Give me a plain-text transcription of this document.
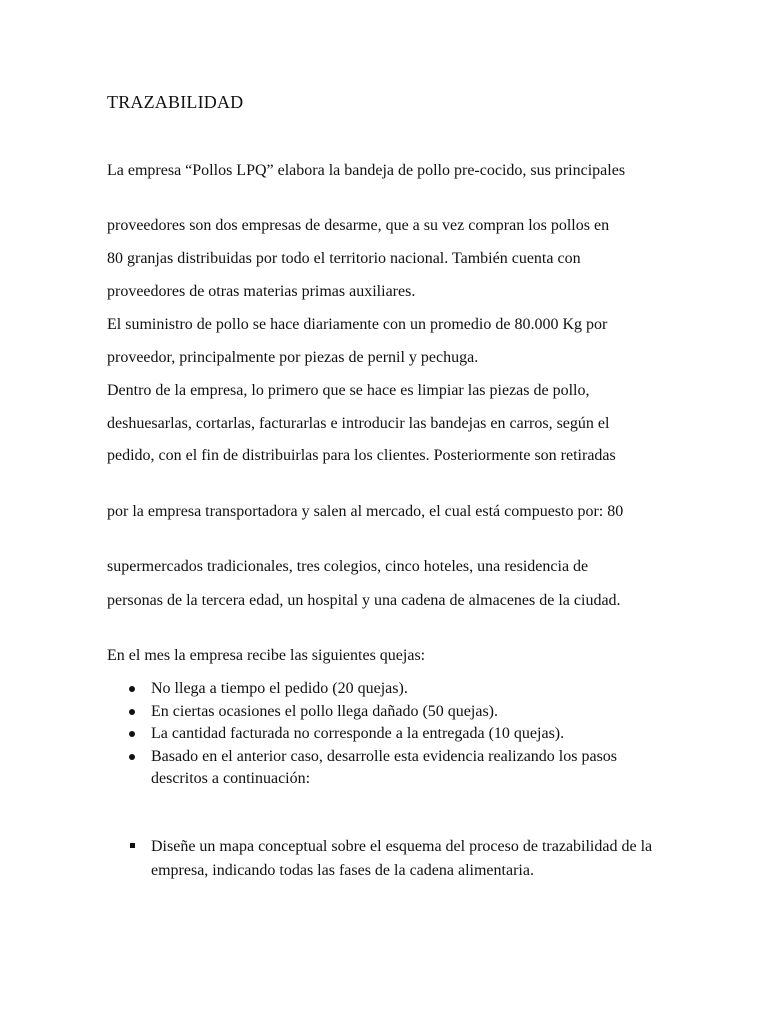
TRAZABILIDAD

La empresa “Pollos LPQ” elabora la bandeja de pollo pre-cocido, sus principales

proveedores son dos empresas de desarme, que a su vez compran los pollos en

80 granjas distribuidas por todo el territorio nacional. También cuenta con

proveedores de otras materias primas auxiliares.

El suministro de pollo se hace diariamente con un promedio de 80.000 Kg por

proveedor, principalmente por piezas de pernil y pechuga.

Dentro de la empresa, lo primero que se hace es limpiar las piezas de pollo,

deshuesarlas, cortarlas, facturarlas e introducir las bandejas en carros, según el

pedido, con el fin de distribuirlas para los clientes. Posteriormente son retiradas

por la empresa transportadora y salen al mercado, el cual está compuesto por: 80

supermercados tradicionales, tres colegios, cinco hoteles, una residencia de

personas de la tercera edad, un hospital y una cadena de almacenes de la ciudad.

En el mes la empresa recibe las siguientes quejas:

No llega a tiempo el pedido (20 quejas).
En ciertas ocasiones el pollo llega dañado (50 quejas).
La cantidad facturada no corresponde a la entregada (10 quejas).
Basado en el anterior caso, desarrolle esta evidencia realizando los pasos descritos a continuación:
Diseñe un mapa conceptual sobre el esquema del proceso de trazabilidad de la empresa, indicando todas las fases de la cadena alimentaria.
